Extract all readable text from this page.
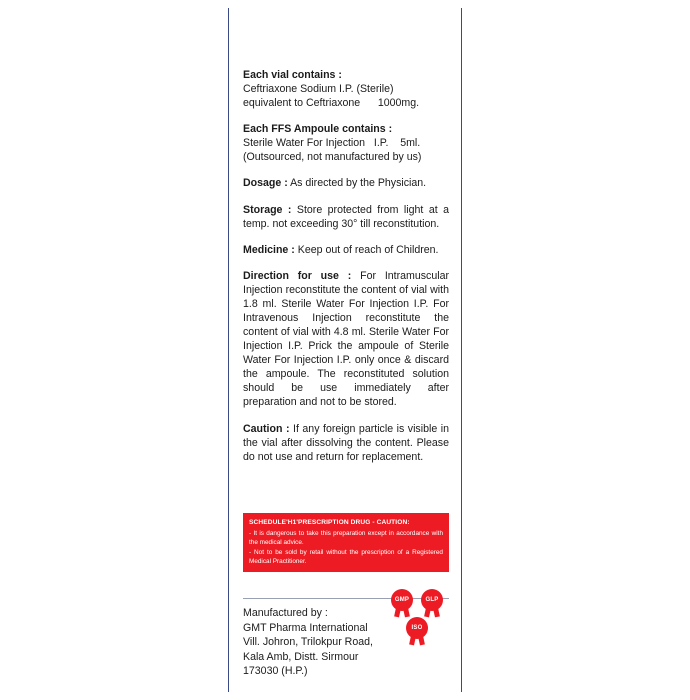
Each vial contains :
Ceftriaxone Sodium I.P. (Sterile)
equivalent to Ceftriaxone      1000mg.
Each FFS Ampoule contains :
Sterile Water For Injection   I.P.    5ml.
(Outsourced, not manufactured by us)
Dosage : As directed by the Physician.
Storage : Store protected from light at a temp. not exceeding 30° till reconstitution.
Medicine : Keep out of reach of Children.
Direction for use : For Intramuscular Injection reconstitute the content of vial with 1.8 ml. Sterile Water For Injection I.P. For Intravenous Injection reconstitute the content of vial with 4.8 ml. Sterile Water For Injection I.P. Prick the ampoule of Sterile Water For Injection I.P. only once & discard the ampoule. The reconstituted solution should be use immediately after preparation and not to be stored.
Caution : If any foreign particle is visible in the vial after dissolving the content. Please do not use and return for replacement.
SCHEDULE'H1'PRESCRIPTION DRUG - CAUTION:
- It is dangerous to take this preparation except in accordance with the medical advice.
- Not to be sold by retail without the prescription of a Registered Medical Practitioner.
Manufactured by :
GMT Pharma International
Vill. Johron, Trilokpur Road,
Kala Amb, Distt. Sirmour 173030 (H.P.)
GMP	GLP
ISO
